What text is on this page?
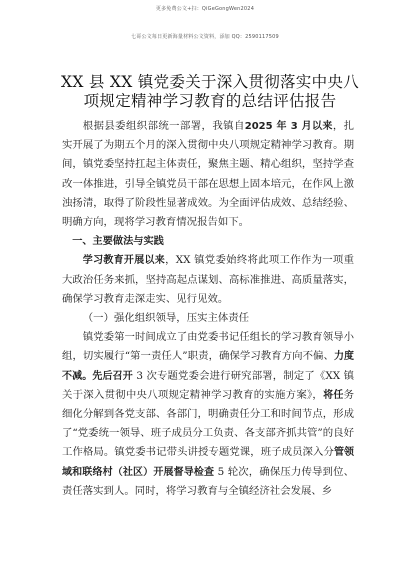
更多免费公文+扫：QiGeGongWen2024
七哥公文每日更新海量材料公文资料，添加 QQ：2590117509
XX 县 XX 镇党委关于深入贯彻落实中央八项规定精神学习教育的总结评估报告

根据县委组织部统一部署，我镇自2025 年 3 月以来，扎实开展了为期五个月的深入贯彻中央八项规定精神学习教育。期间，镇党委坚持扛起主体责任，聚焦主题、精心组织，坚持学查改一体推进，引导全镇党员干部在思想上固本培元，在作风上激浊扬清，取得了阶段性显著成效。为全面评估成效、总结经验、明确方向，现将学习教育情况报告如下。

一、主要做法与实践

学习教育开展以来，XX 镇党委始终将此项工作作为一项重大政治任务来抓，坚持高起点谋划、高标准推进、高质量落实，确保学习教育走深走实、见行见效。

（一）强化组织领导，压实主体责任

镇党委第一时间成立了由党委书记任组长的学习教育领导小组，切实履行“第一责任人”职责，确保学习教育方向不偏、力度不减。先后召开 3 次专题党委会进行研究部署，制定了《XX 镇关于深入贯彻中央八项规定精神学习教育的实施方案》，将任务细化分解到各党支部、各部门，明确责任分工和时间节点，形成了“党委统一领导、班子成员分工负责、各支部齐抓共管”的良好工作格局。镇党委书记带头讲授专题党课，班子成员深入分管领域和联络村（社区）开展督导检查 5 轮次，确保压力传导到位、责任落实到人。同时，将学习教育与全镇经济社会发展、乡
